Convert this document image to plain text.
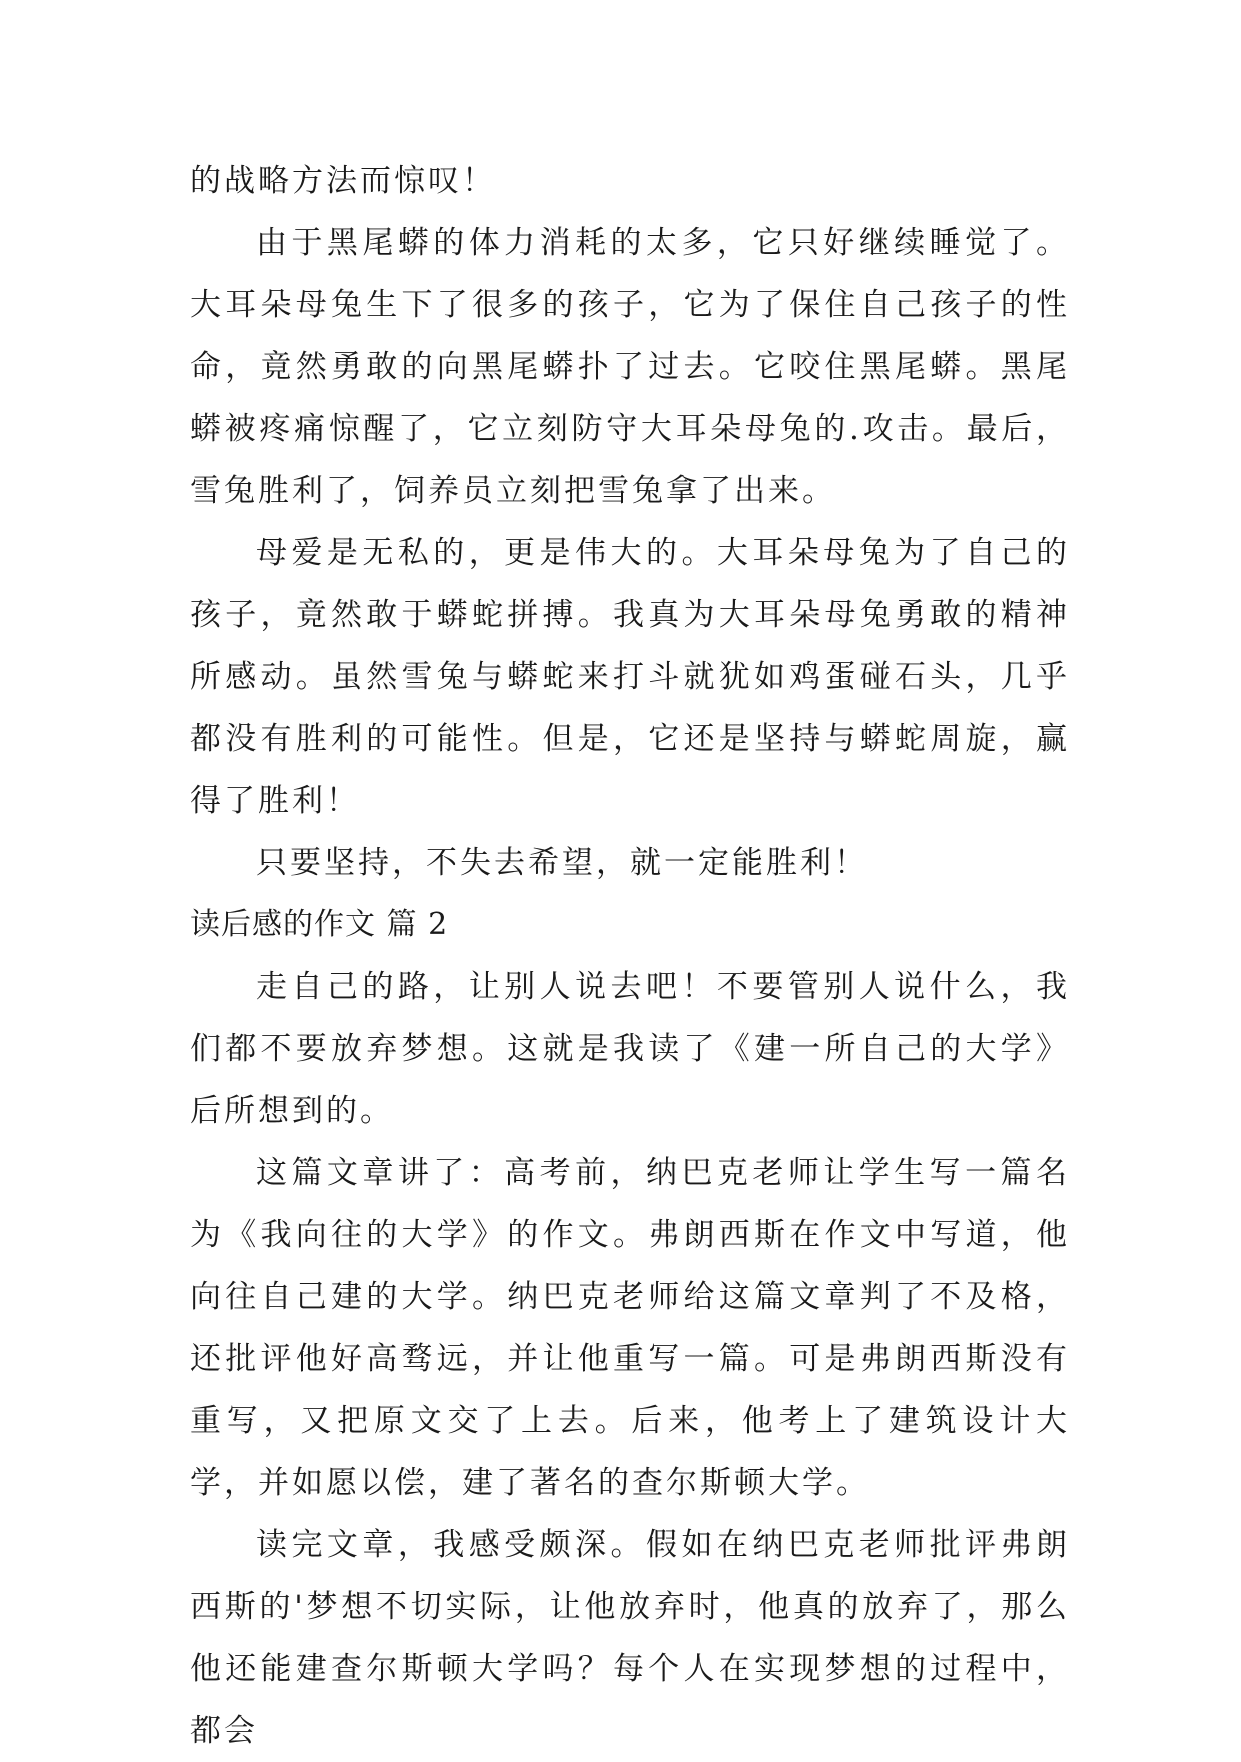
的战略方法而惊叹！

由于黑尾蟒的体力消耗的太多，它只好继续睡觉了。大耳朵母兔生下了很多的孩子，它为了保住自己孩子的性命，竟然勇敢的向黑尾蟒扑了过去。它咬住黑尾蟒。黑尾蟒被疼痛惊醒了，它立刻防守大耳朵母兔的.攻击。最后，雪兔胜利了，饲养员立刻把雪兔拿了出来。

母爱是无私的，更是伟大的。大耳朵母兔为了自己的孩子，竟然敢于蟒蛇拼搏。我真为大耳朵母兔勇敢的精神所感动。虽然雪兔与蟒蛇来打斗就犹如鸡蛋碰石头，几乎都没有胜利的可能性。但是，它还是坚持与蟒蛇周旋，赢得了胜利！

只要坚持，不失去希望，就一定能胜利！

读后感的作文 篇 2

走自己的路，让别人说去吧！不要管别人说什么，我们都不要放弃梦想。这就是我读了《建一所自己的大学》后所想到的。

这篇文章讲了：高考前，纳巴克老师让学生写一篇名为《我向往的大学》的作文。弗朗西斯在作文中写道，他向往自己建的大学。纳巴克老师给这篇文章判了不及格，还批评他好高骛远，并让他重写一篇。可是弗朗西斯没有重写，又把原文交了上去。后来，他考上了建筑设计大学，并如愿以偿，建了著名的查尔斯顿大学。

读完文章，我感受颇深。假如在纳巴克老师批评弗朗西斯的'梦想不切实际，让他放弃时，他真的放弃了，那么他还能建查尔斯顿大学吗？每个人在实现梦想的过程中，都会
